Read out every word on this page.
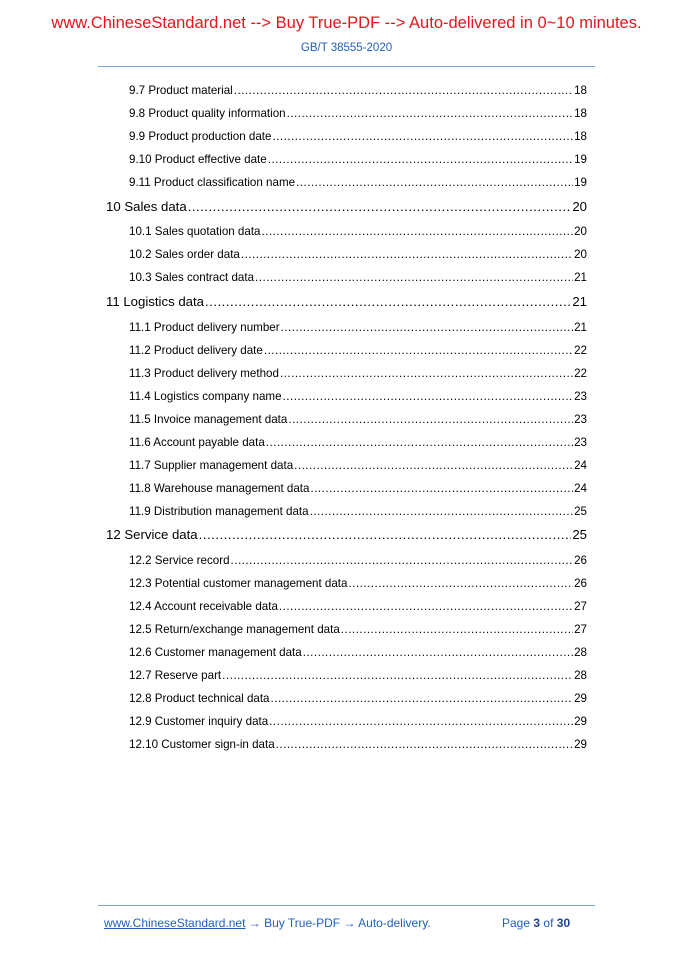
www.ChineseStandard.net --> Buy True-PDF --> Auto-delivered in 0~10 minutes.
GB/T 38555-2020
9.7 Product material .....	18
9.8 Product quality information .....	18
9.9 Product production date .....	18
9.10 Product effective date .....	19
9.11 Product classification name .....	19
10 Sales data .....	20
10.1 Sales quotation data .....	20
10.2 Sales order data .....	20
10.3 Sales contract data .....	21
11 Logistics data .....	21
11.1 Product delivery number .....	21
11.2 Product delivery date .....	22
11.3 Product delivery method .....	22
11.4 Logistics company name .....	23
11.5 Invoice management data .....	23
11.6 Account payable data .....	23
11.7 Supplier management data .....	24
11.8 Warehouse management data .....	24
11.9 Distribution management data .....	25
12 Service data .....	25
12.2 Service record .....	26
12.3 Potential customer management data .....	26
12.4 Account receivable data .....	27
12.5 Return/exchange management data .....	27
12.6 Customer management data .....	28
12.7 Reserve part .....	28
12.8 Product technical data .....	29
12.9 Customer inquiry data .....	29
12.10 Customer sign-in data .....	29
www.ChineseStandard.net → Buy True-PDF → Auto-delivery.	Page 3 of 30
